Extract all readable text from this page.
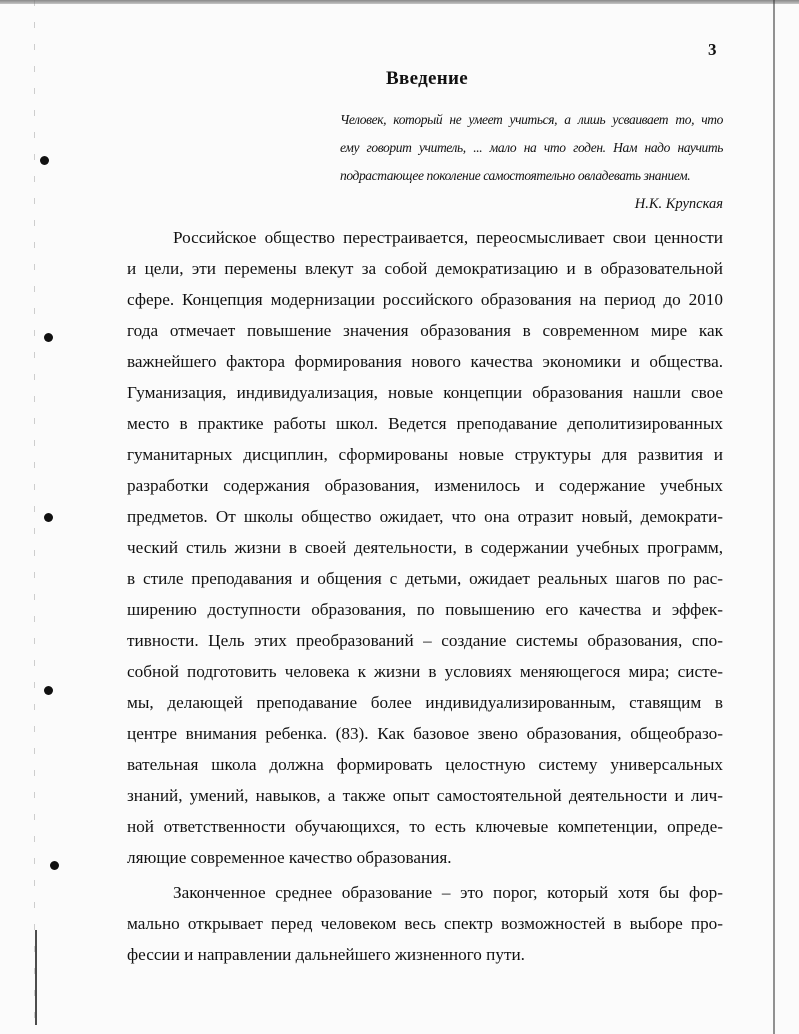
3
Введение
Человек, который не умеет учиться, а лишь усваивает то, что
ему говорит учитель, ... мало на что годен. Нам надо научить
подрастающее поколение самостоятельно овладевать знанием.
Н.К. Крупская
Российское общество перестраивается, переосмысливает свои ценности
и цели, эти перемены влекут за собой демократизацию и в образовательной
сфере. Концепция модернизации российского образования на период до 2010
года отмечает повышение значения образования в современном мире как
важнейшего фактора формирования нового качества экономики и общества.
Гуманизация, индивидуализация, новые концепции образования нашли свое
место в практике работы школ. Ведется преподавание деполитизированных
гуманитарных дисциплин, сформированы новые структуры для развития и
разработки содержания образования, изменилось и содержание учебных
предметов. От школы общество ожидает, что она отразит новый, демократи-
ческий стиль жизни в своей деятельности, в содержании учебных программ,
в стиле преподавания и общения с детьми, ожидает реальных шагов по рас-
ширению доступности образования, по повышению его качества и эффек-
тивности. Цель этих преобразований – создание системы образования, спо-
собной подготовить человека к жизни в условиях меняющегося мира; систе-
мы, делающей преподавание более индивидуализированным, ставящим в
центре внимания ребенка. (83). Как базовое звено образования, общеобразо-
вательная школа должна формировать целостную систему универсальных
знаний, умений, навыков, а также опыт самостоятельной деятельности и лич-
ной ответственности обучающихся, то есть ключевые компетенции, опреде-
ляющие современное качество образования.
Законченное среднее образование – это порог, который хотя бы фор-
мально открывает перед человеком весь спектр возможностей в выборе про-
фессии и направлении дальнейшего жизненного пути.
